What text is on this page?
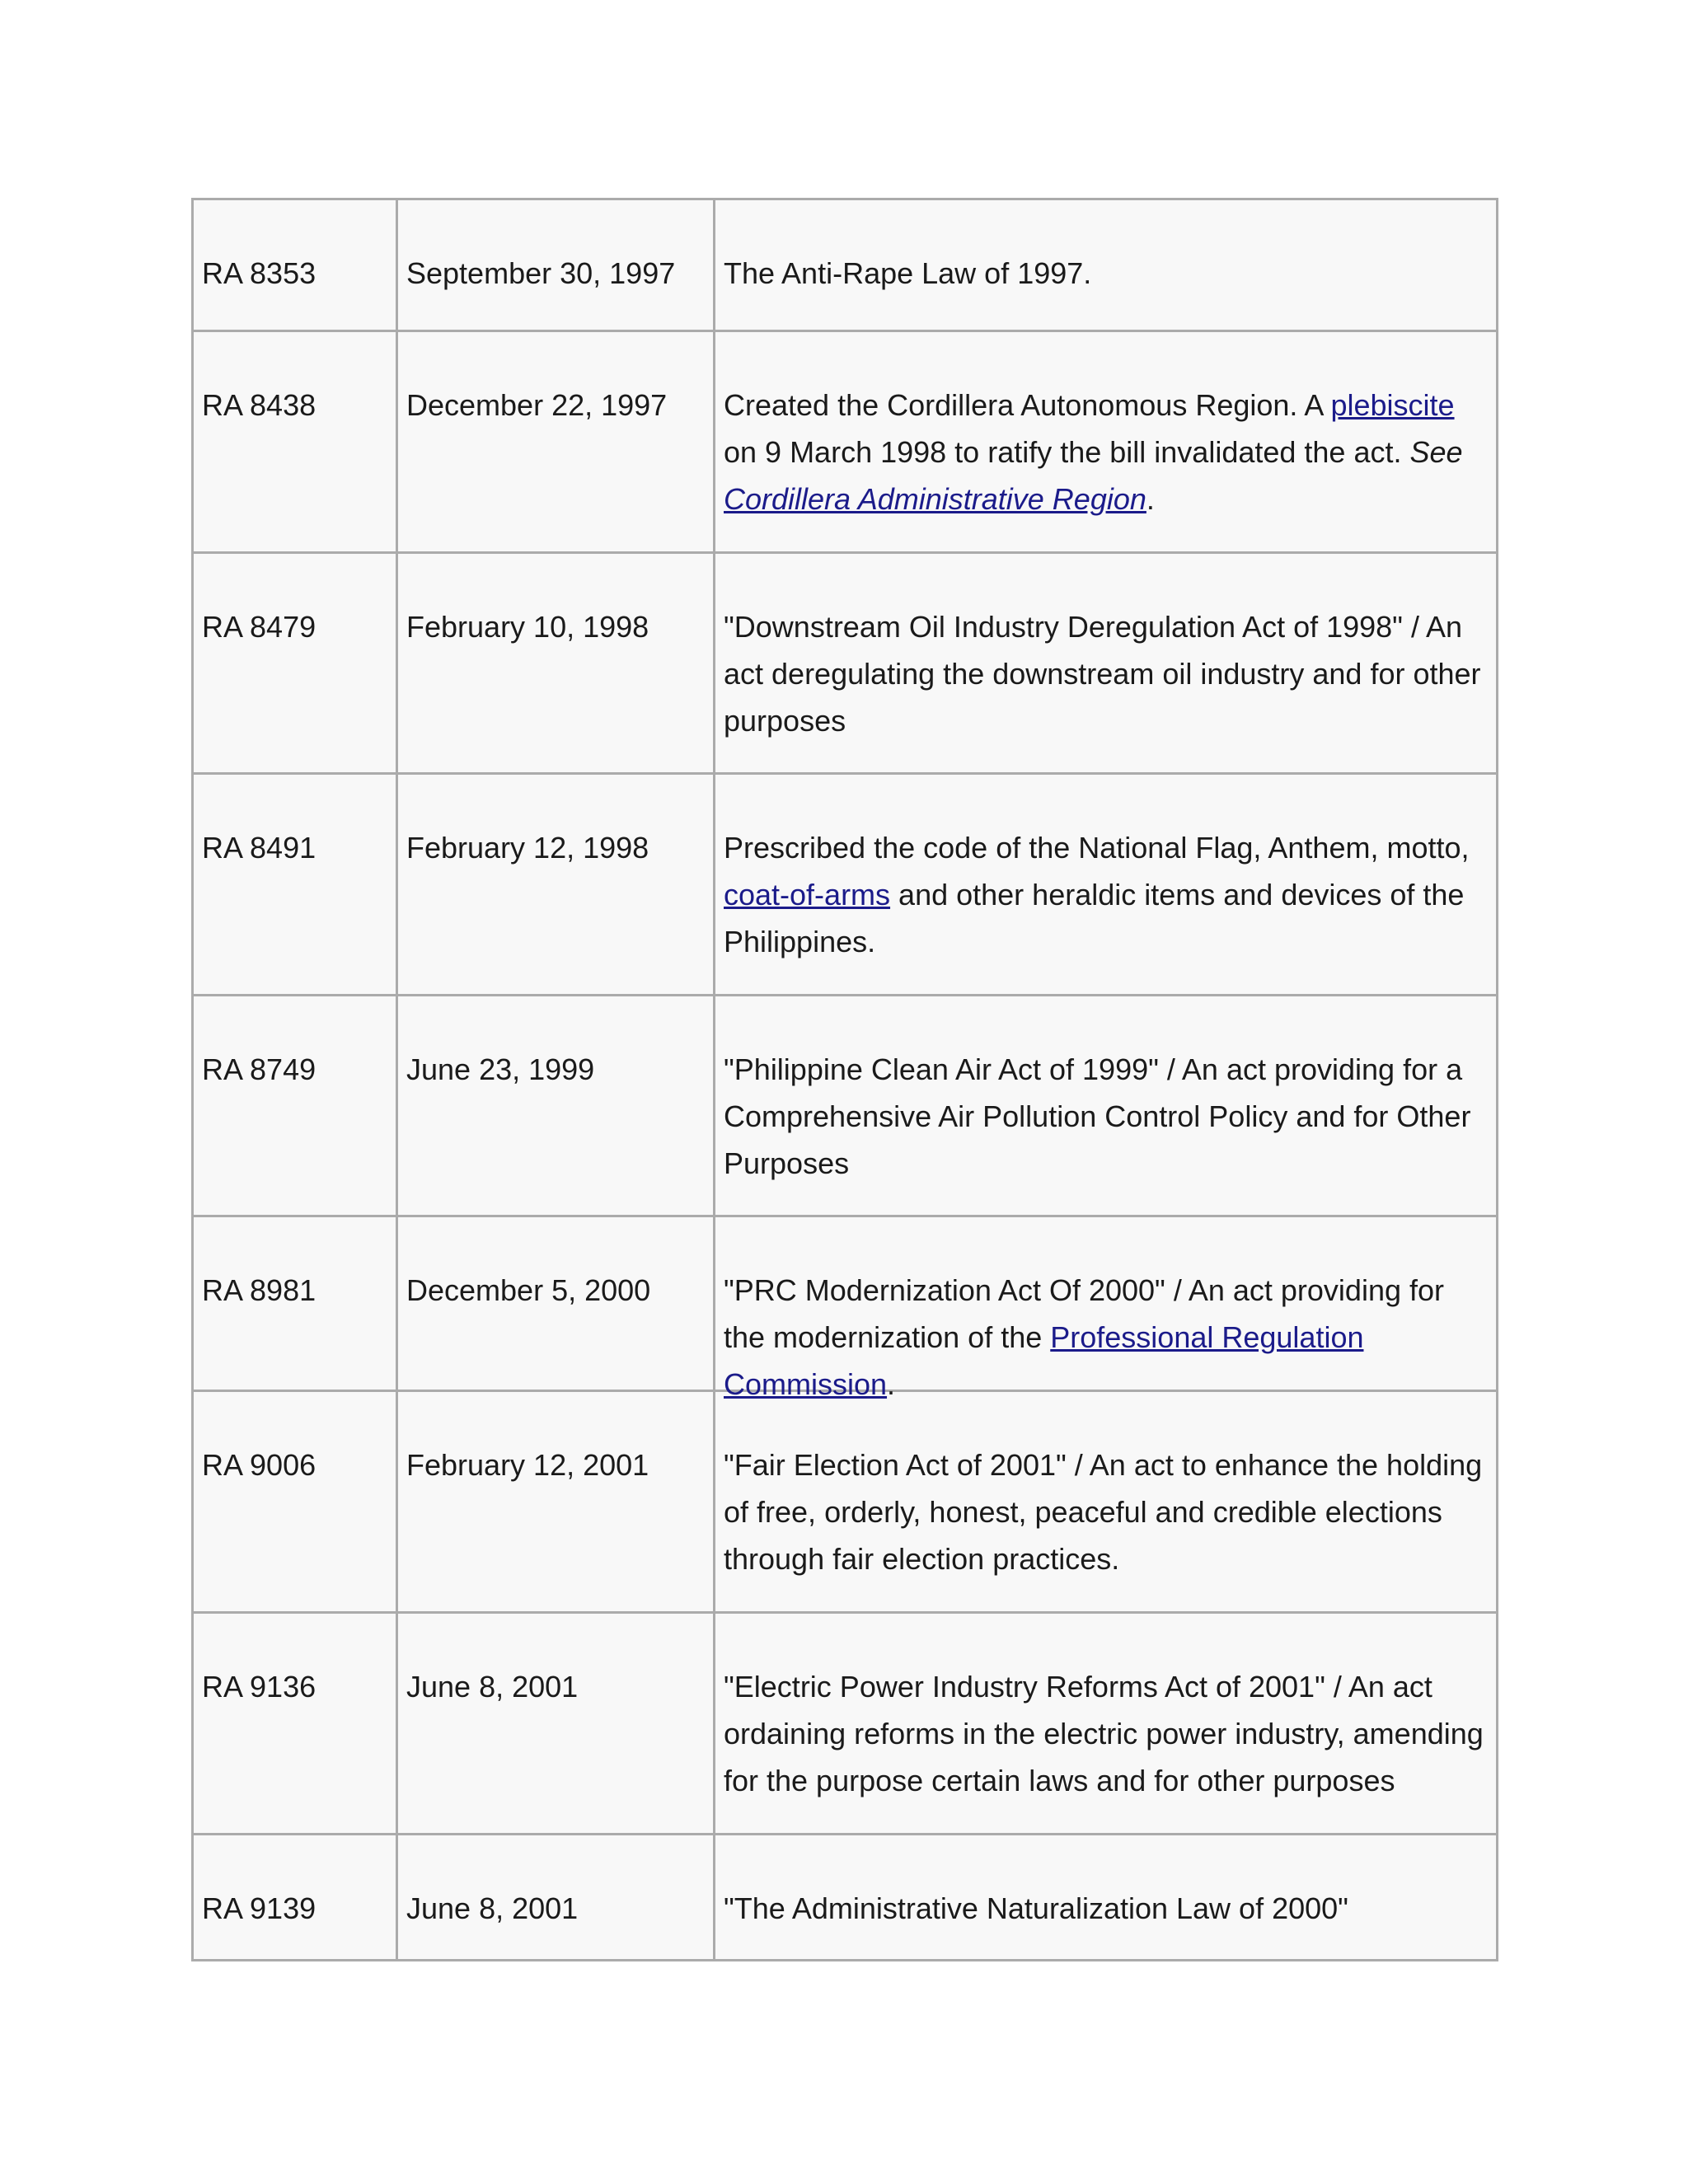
RA 8353	September 30, 1997	The Anti-Rape Law of 1997.
RA 8438	December 22, 1997	Created the Cordillera Autonomous Region. A plebiscite on 9 March 1998 to ratify the bill invalidated the act. See Cordillera Administrative Region.
RA 8479	February 10, 1998	"Downstream Oil Industry Deregulation Act of 1998" / An act deregulating the downstream oil industry and for other purposes
RA 8491	February 12, 1998	Prescribed the code of the National Flag, Anthem, motto, coat-of-arms and other heraldic items and devices of the Philippines.
RA 8749	June 23, 1999	"Philippine Clean Air Act of 1999" / An act providing for a Comprehensive Air Pollution Control Policy and for Other Purposes
RA 8981	December 5, 2000	"PRC Modernization Act Of 2000" / An act providing for the modernization of the Professional Regulation Commission.
RA 9006	February 12, 2001	"Fair Election Act of 2001" / An act to enhance the holding of free, orderly, honest, peaceful and credible elections through fair election practices.
RA 9136	June 8, 2001	"Electric Power Industry Reforms Act of 2001" / An act ordaining reforms in the electric power industry, amending for the purpose certain laws and for other purposes
RA 9139	June 8, 2001	"The Administrative Naturalization Law of 2000"
